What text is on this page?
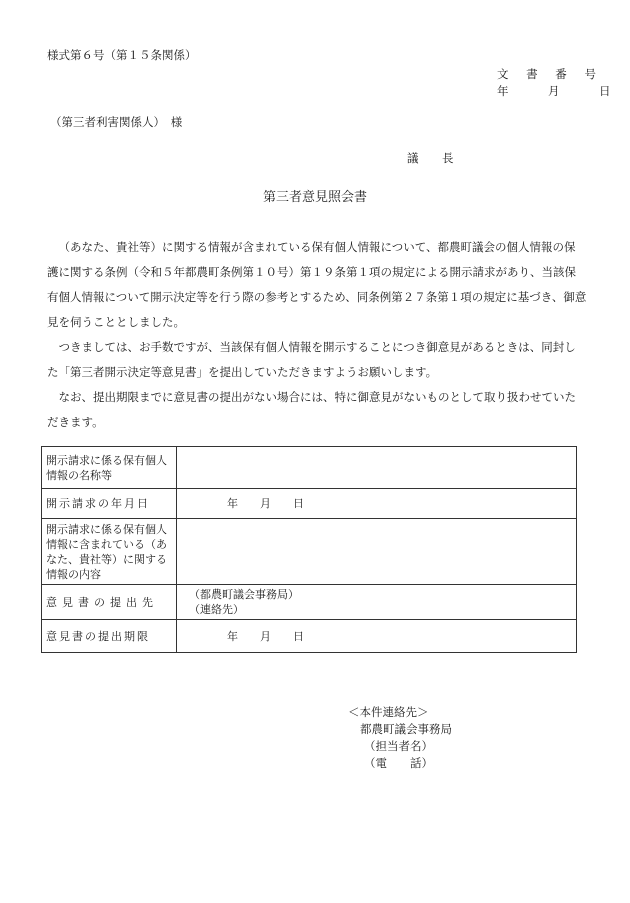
様式第６号（第１５条関係）
文 書 番 号
年　月　日
（第三者利害関係人）　様
議　長
第三者意見照会書

（あなた、貴社等）に関する情報が含まれている保有個人情報について、都農町議会の個人情報の保護に関する条例（令和５年都農町条例第１０号）第１９条第１項の規定による開示請求があり、当該保有個人情報について開示決定等を行う際の参考とするため、同条例第２７条第１項の規定に基づき、御意見を伺うこととしました。

つきましては、お手数ですが、当該保有個人情報を開示することにつき御意見があるときは、同封した「第三者開示決定等意見書」を提出していただきますようお願いします。

なお、提出期限までに意見書の提出がない場合には、特に御意見がないものとして取り扱わせていただきます。

開示請求に係る保有個人情報の名称等	
開示請求の年月日	年　　月　　日
開示請求に係る保有個人情報に含まれている（あなた、貴社等）に関する情報の内容	
意見書の提出先	（都農町議会事務局）
（連絡先）

意見書の提出期限	年　　月　　日
＜本件連絡先＞
都農町議会事務局
（担当者名）
（電　　話）
